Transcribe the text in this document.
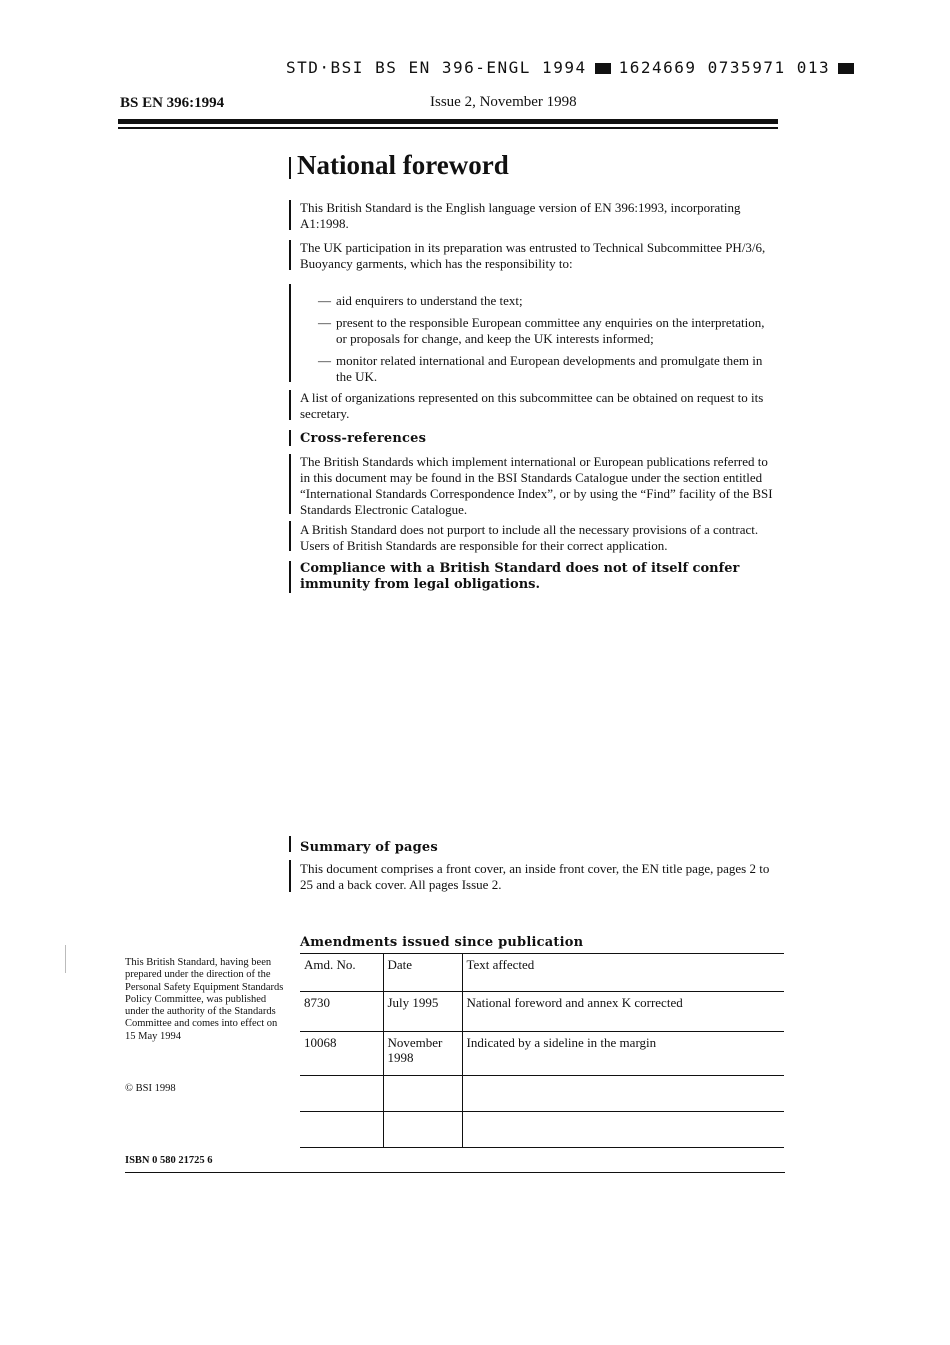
STD·BSI BS EN 396-ENGL 1994 1624669 0735971 013
BS EN 396:1994	Issue 2, November 1998
National foreword
This British Standard is the English language version of EN 396:1993, incorporating A1:1998.
The UK participation in its preparation was entrusted to Technical Subcommittee PH/3/6, Buoyancy garments, which has the responsibility to:
— aid enquirers to understand the text;
— present to the responsible European committee any enquiries on the interpretation, or proposals for change, and keep the UK interests informed;
— monitor related international and European developments and promulgate them in the UK.
A list of organizations represented on this subcommittee can be obtained on request to its secretary.
Cross-references
The British Standards which implement international or European publications referred to in this document may be found in the BSI Standards Catalogue under the section entitled “International Standards Correspondence Index”, or by using the “Find” facility of the BSI Standards Electronic Catalogue.
A British Standard does not purport to include all the necessary provisions of a contract. Users of British Standards are responsible for their correct application.
Compliance with a British Standard does not of itself confer immunity from legal obligations.
Summary of pages
This document comprises a front cover, an inside front cover, the EN title page, pages 2 to 25 and a back cover. All pages Issue 2.
This British Standard, having been prepared under the direction of the Personal Safety Equipment Standards Policy Committee, was published under the authority of the Standards Committee and comes into effect on 15 May 1994
© BSI 1998
ISBN 0 580 21725 6
Amendments issued since publication
Amd. No.	Date	Text affected
8730	July 1995	National foreword and annex K corrected
10068	November 1998	Indicated by a sideline in the margin
